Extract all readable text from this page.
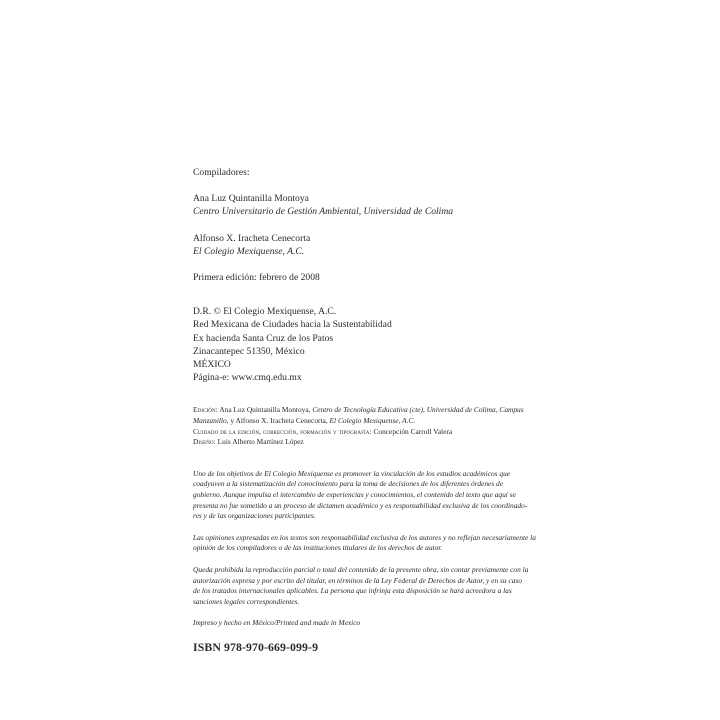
Compiladores:
Ana Luz Quintanilla Montoya
Centro Universitario de Gestión Ambiental, Universidad de Colima
Alfonso X. Iracheta Cenecorta
El Colegio Mexiquense, A.C.
Primera edición: febrero de 2008
D.R. © El Colegio Mexiquense, A.C.
Red Mexicana de Ciudades hacia la Sustentabilidad
Ex hacienda Santa Cruz de los Patos
Zinacantepec 51350, México
MÉXICO
Página-e: www.cmq.edu.mx
Edición: Ana Luz Quintanilla Montoya, Centro de Tecnología Educativa (cte), Universidad de Colima, Campus
Manzanillo, y Alfonso X. Iracheta Cenecorta, El Colegio Mexiquense, A.C.
Cuidado de la edición, corrección, formación y tipografía: Concepción Carroll Valera
Diseño: Luis Alberto Martínez López

Uno de los objetivos de El Colegio Mexiquense es promover la vinculación de los estudios académicos que
coadyuven a la sistematización del conocimiento para la toma de decisiones de los diferentes órdenes de
gobierno. Aunque impulsa el intercambio de experiencias y conocimientos, el contenido del texto que aquí se
presenta no fue sometido a un proceso de dictamen académico y es responsabilidad exclusiva de los coordinado-
res y de las organizaciones participantes.

Las opiniones expresadas en los textos son responsabilidad exclusiva de los autores y no reflejan necesariamente la
opinión de los compiladores o de las instituciones titulares de los derechos de autor.

Queda prohibida la reproducción parcial o total del contenido de la presente obra, sin contar previamente con la
autorización expresa y por escrito del titular, en términos de la Ley Federal de Derechos de Autor, y en su caso
de los tratados internacionales aplicables. La persona que infrinja esta disposición se hará acreedora a las
sanciones legales correspondientes.

Impreso y hecho en México/Printed and made in Mexico

ISBN 978-970-669-099-9
